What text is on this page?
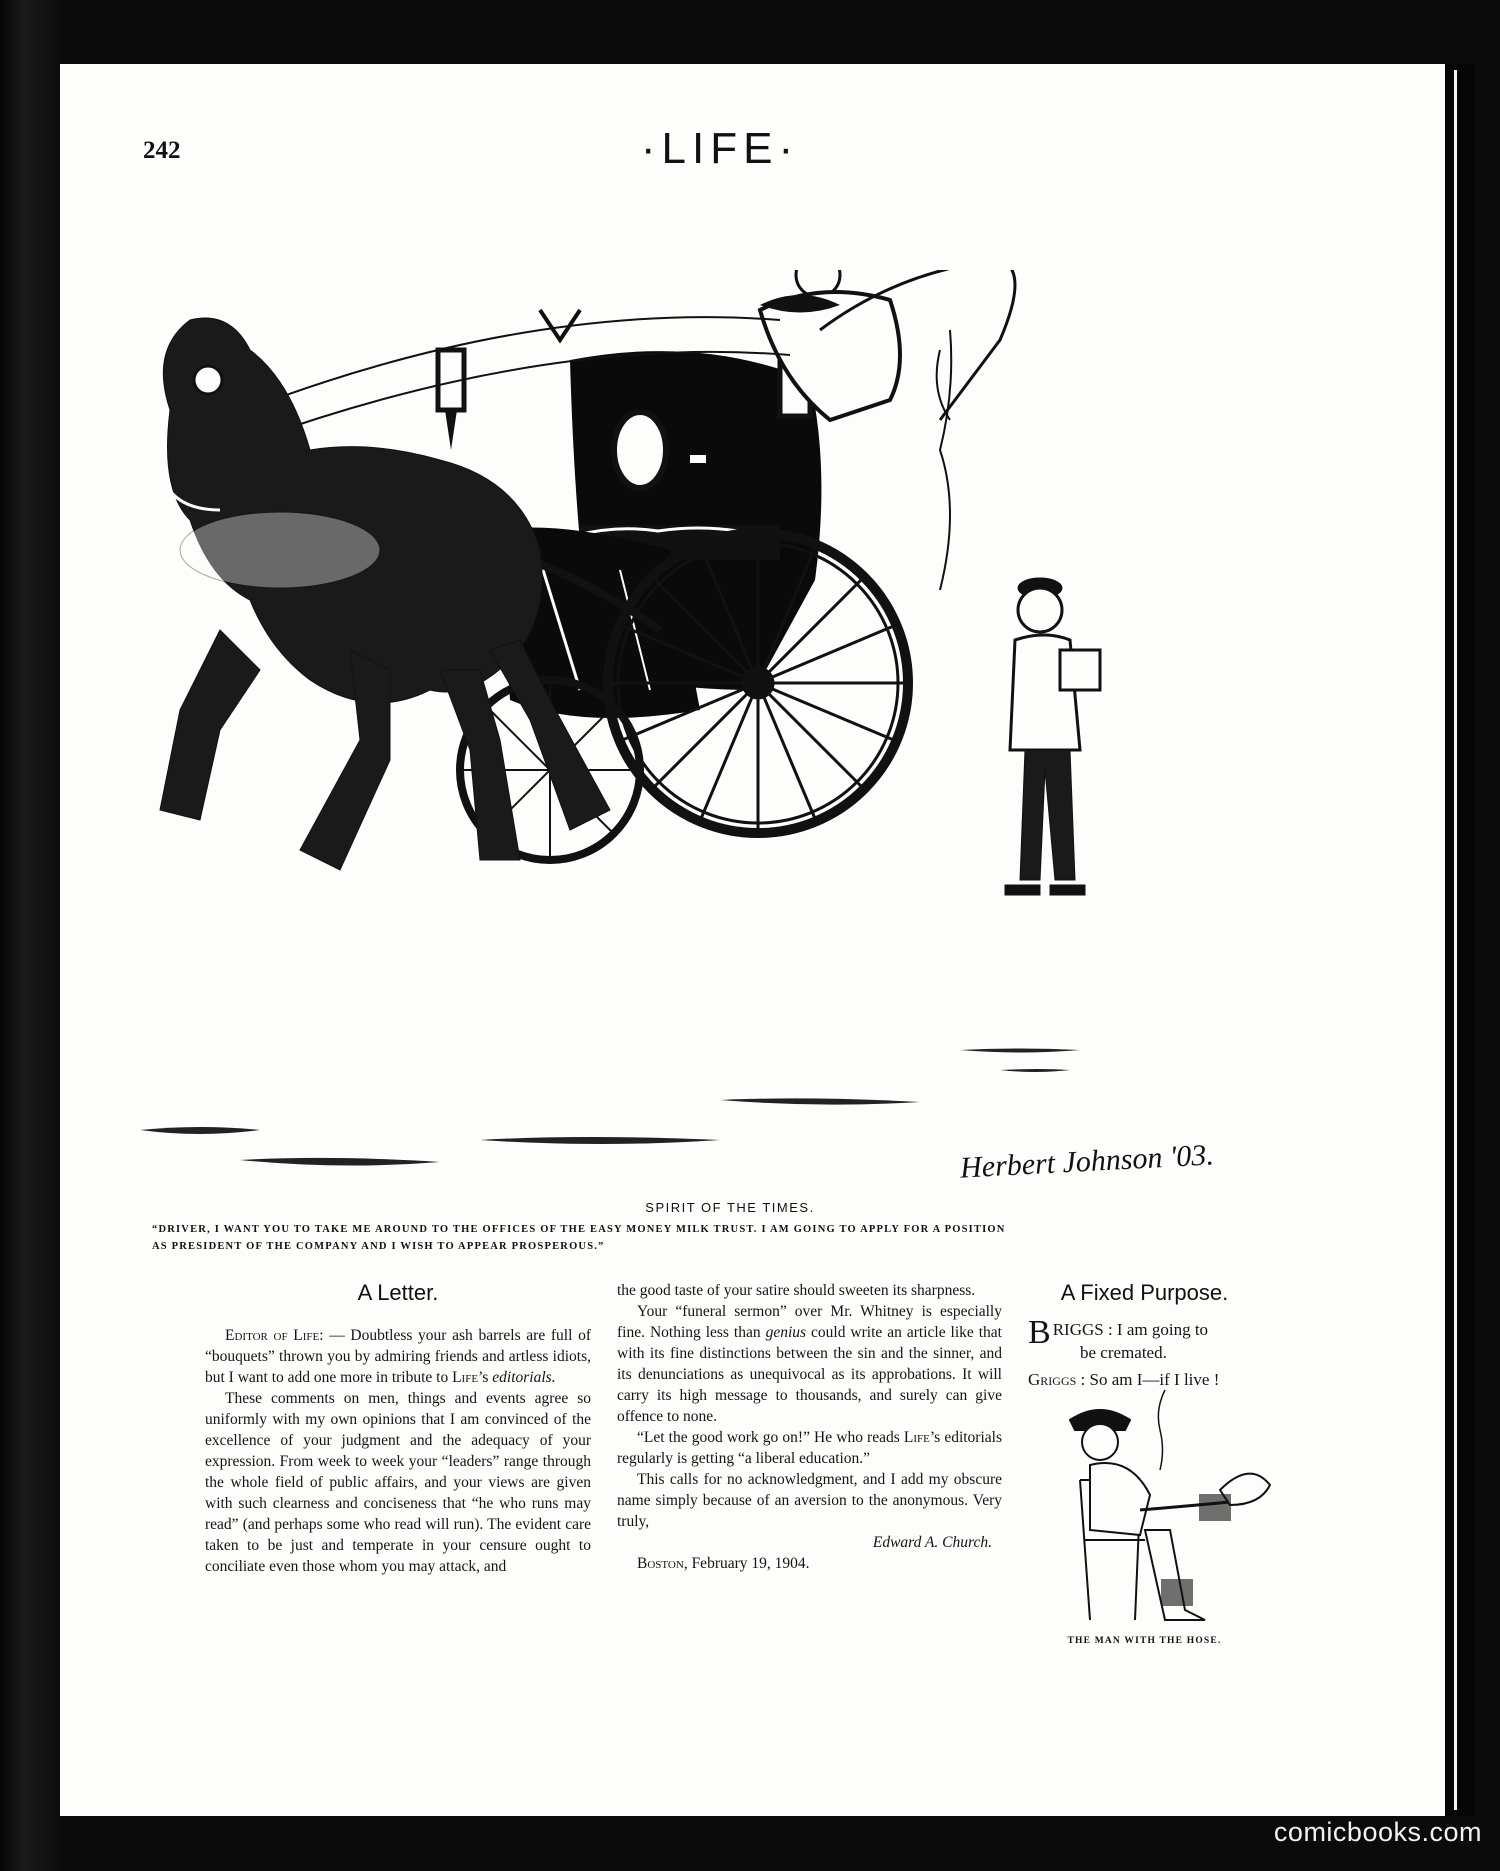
242	·LIFE·
Herbert Johnson '03.
SPIRIT OF THE TIMES.
“DRIVER, I WANT YOU TO TAKE ME AROUND TO THE OFFICES OF THE EASY MONEY MILK TRUST. I AM GOING TO APPLY FOR A POSITION
AS PRESIDENT OF THE COMPANY AND I WISH TO APPEAR PROSPEROUS.”
A Letter.

Editor of Life: — Doubtless your ash barrels are full of “bouquets” thrown you by admiring friends and artless idiots, but I want to add one more in tribute to Life’s editorials.

These comments on men, things and events agree so uniformly with my own opinions that I am convinced of the excellence of your judgment and the adequacy of your expression. From week to week your “leaders” range through the whole field of public affairs, and your views are given with such clearness and conciseness that “he who runs may read” (and perhaps some who read will run). The evident care taken to be just and temperate in your censure ought to conciliate even those whom you may attack, and

the good taste of your satire should sweeten its sharpness.

Your “funeral sermon” over Mr. Whitney is especially fine. Nothing less than genius could write an article like that with its fine distinctions between the sin and the sinner, and its denunciations as unequivocal as its approbations. It will carry its high message to thousands, and surely can give offence to none.

“Let the good work go on!” He who reads Life’s editorials regularly is getting “a liberal education.”

This calls for no acknowledgment, and I add my obscure name simply because of an aversion to the anonymous. Very truly,

Edward A. Church.

Boston, February 19, 1904.

A Fixed Purpose.

BRIGGS : I am going to

be cremated.

Griggs : So am I—if I live !

THE MAN WITH THE HOSE.
comicbooks.com
